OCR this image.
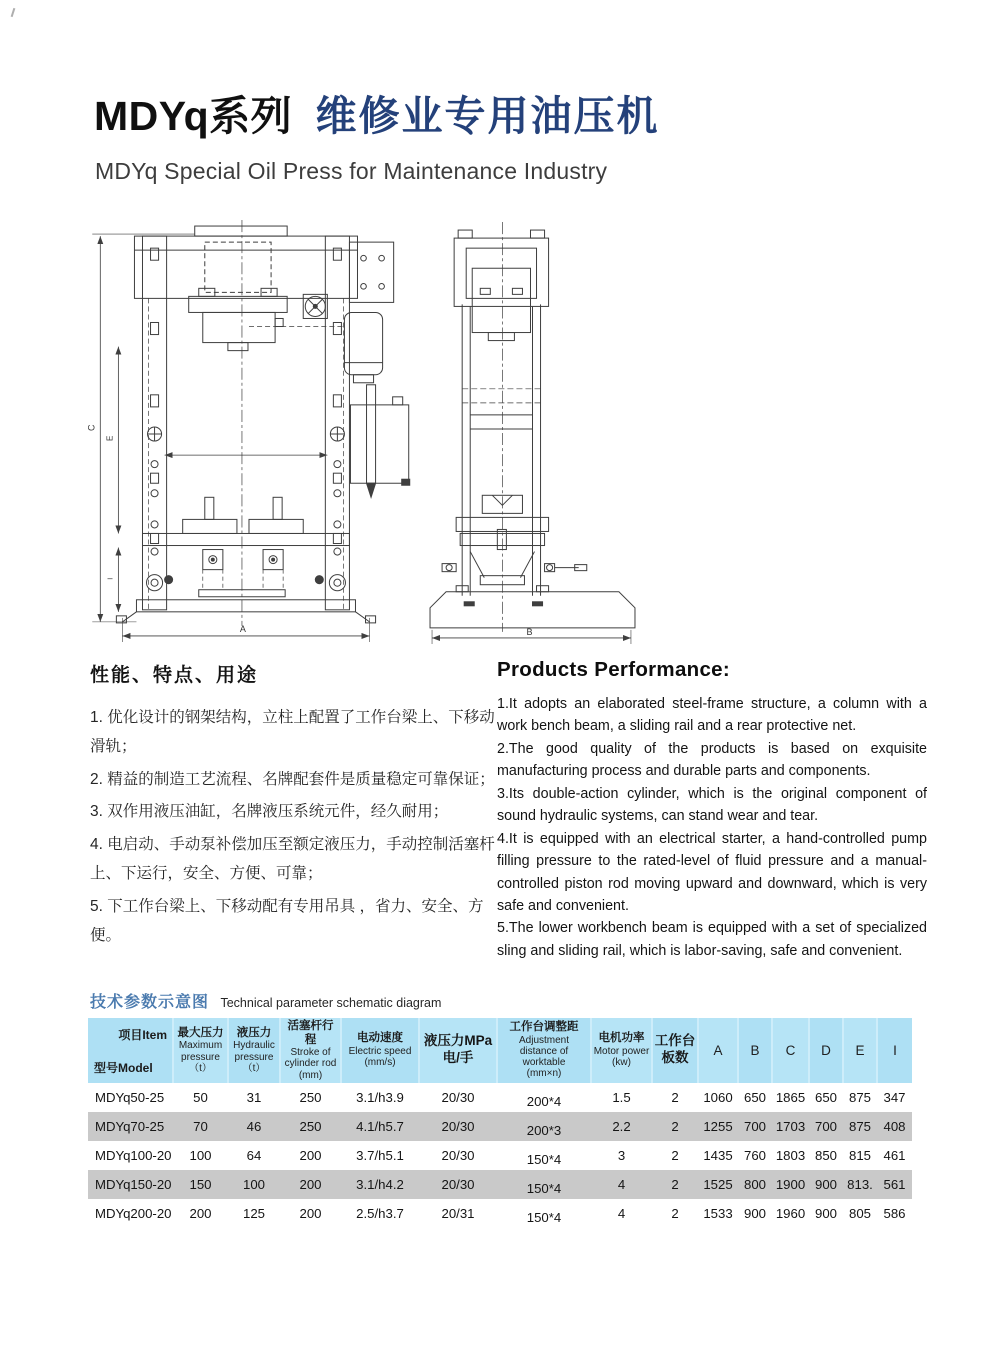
MDYq系列 维修业专用油压机
MDYq Special Oil Press for Maintenance Industry
C
E
I
A	B
性能、特点、用途

1. 优化设计的钢架结构，立柱上配置了工作台梁上、下移动滑轨；

2. 精益的制造工艺流程、名牌配套件是质量稳定可靠保证；

3. 双作用液压油缸，名牌液压系统元件，经久耐用；

4. 电启动、手动泵补偿加压至额定液压力，手动控制活塞杆上、下运行，安全、方便、可靠；

5. 下工作台梁上、下移动配有专用吊具 ，省力、安全、方便。

Products Performance:

1.It adopts an elaborated steel-frame structure, a column with a work bench beam, a sliding rail and a rear protective net.

2.The good quality of the products is based on exquisite manufacturing process and durable parts and components.

3.Its double-action cylinder, which is the original component of sound hydraulic systems, can stand wear and tear.

4.It is equipped with an electrical starter, a hand-controlled pump filling pressure to the rated-level of fluid pressure and a manual-controlled piston rod moving upward and downward, which is very safe and convenient.

5.The lower workbench beam is equipped with a set of specialized sling and sliding rail, which is labor-saving, safe and convenient.

技术参数示意图 Technical parameter schematic diagram
项目Item
型号Model	最大压力
Maximum pressure
（t）	液压力
Hydraulic pressure
（t）	活塞杆行程
Stroke of cylinder rod
(mm)	电动速度
Electric speed
(mm/s)	液压力MPa
电/手	工作台调整距
Adjustment distance of worktable
(mm×n)	电机功率
Motor power
(kw)	工作台
板数	A	B	C	D	E	I
MDYq50-25	50	31	250	3.1/h3.9	20/30	200*4	1.5	2	1060	650	1865	650	875	347
MDYq70-25	70	46	250	4.1/h5.7	20/30	200*3	2.2	2	1255	700	1703	700	875	408
MDYq100-20	100	64	200	3.7/h5.1	20/30	150*4	3	2	1435	760	1803	850	815	461
MDYq150-20	150	100	200	3.1/h4.2	20/30	150*4	4	2	1525	800	1900	900	813.	561
MDYq200-20	200	125	200	2.5/h3.7	20/31	150*4	4	2	1533	900	1960	900	805	586
